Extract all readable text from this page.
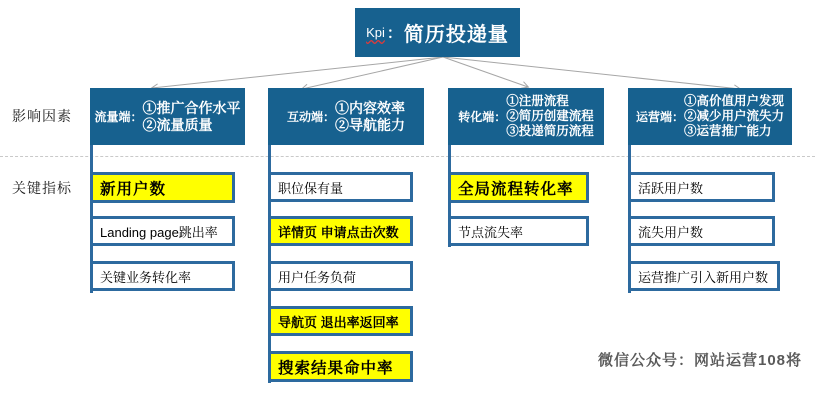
Kpi ： 简历投递量
影响因素
关键指标
流量端：
①推广合作水平
②流量质量
新用户数
Landing page跳出率
关键业务转化率
互动端：
①内容效率
②导航能力
职位保有量
详情页 申请点击次数
用户任务负荷
导航页 退出率返回率
搜索结果命中率
转化端：
①注册流程
②简历创建流程
③投递简历流程
全局流程转化率
节点流失率
运营端：
①高价值用户发现
②减少用户流失力
③运营推广能力
活跃用户数
流失用户数
运营推广引入新用户数
微信公众号：网站运营108将
